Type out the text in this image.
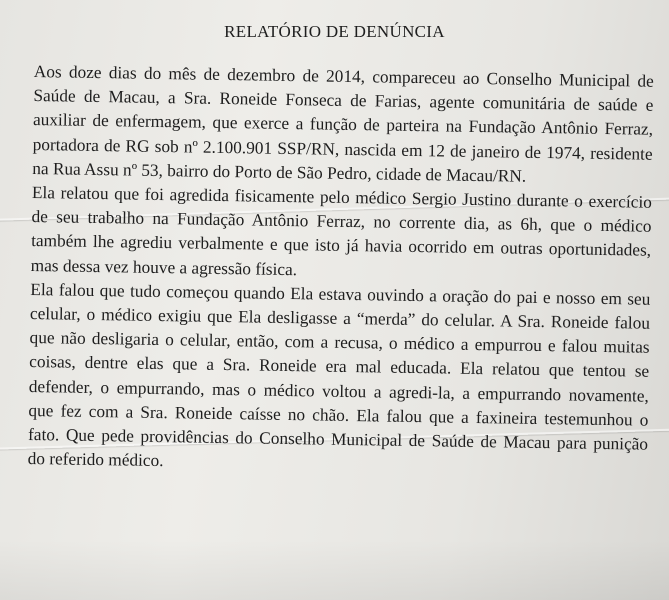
RELATÓRIO DE DENÚNCIA

Aos doze dias do mês de dezembro de 2014, compareceu ao Conselho Municipal de
Saúde de Macau, a Sra. Roneide Fonseca de Farias, agente comunitária de saúde e
auxiliar de enfermagem, que exerce a função de parteira na Fundação Antônio Ferraz,
portadora de RG sob nº 2.100.901 SSP/RN, nascida em 12 de janeiro de 1974, residente
na Rua Assu nº 53, bairro do Porto de São Pedro, cidade de Macau/RN.

Ela relatou que foi agredida fisicamente pelo médico Sergio Justino durante o exercício
de seu trabalho na Fundação Antônio Ferraz, no corrente dia, as 6h, que o médico
também lhe agrediu verbalmente e que isto já havia ocorrido em outras oportunidades,
mas dessa vez houve a agressão física.

Ela falou que tudo começou quando Ela estava ouvindo a oração do pai e nosso em seu
celular, o médico exigiu que Ela desligasse a “merda” do celular. A Sra. Roneide falou
que não desligaria o celular, então, com a recusa, o médico a empurrou e falou muitas
coisas, dentre elas que a Sra. Roneide era mal educada. Ela relatou que tentou se
defender, o empurrando, mas o médico voltou a agredi-la, a empurrando novamente,
que fez com a Sra. Roneide caísse no chão. Ela falou que a faxineira testemunhou o
fato. Que pede providências do Conselho Municipal de Saúde de Macau para punição
do referido médico.
